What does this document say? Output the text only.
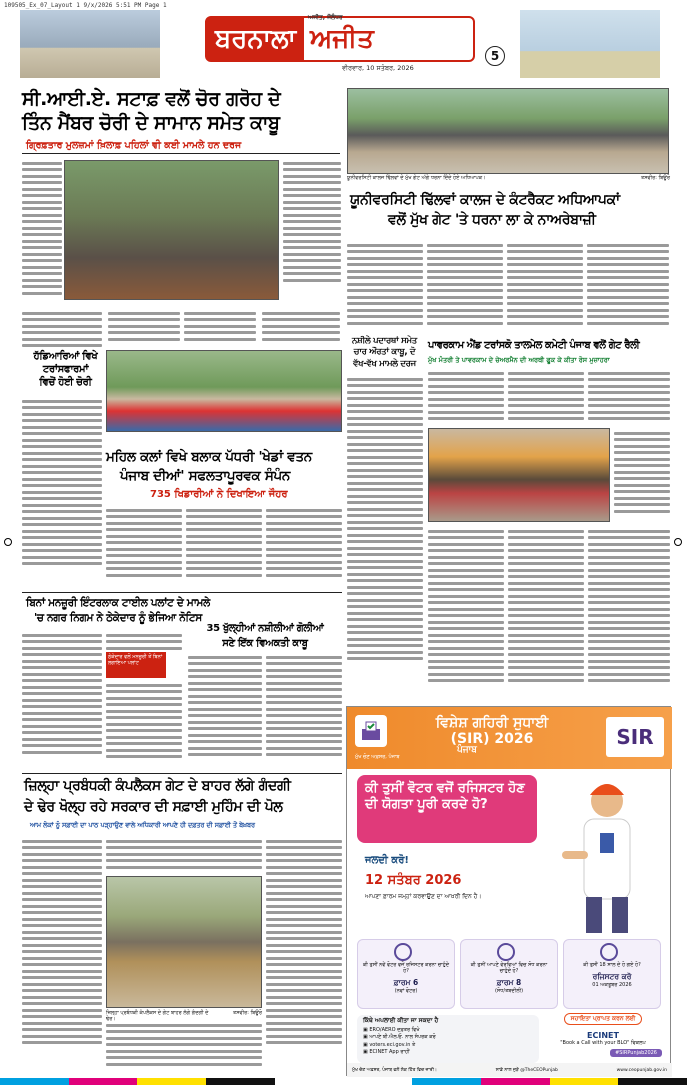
109505_Ex_07_Layout 1 9/x/2026 5:51 PM Page 1
ਬਰਨਾਲਾ
ਅਜੀਤ, ਜੌਲੰਧਰ
ਅਜੀਤ
ਵੀਰਵਾਰ, 10 ਸਤੰਬਰ, 2026
5
ਸੀ.ਆਈ.ਏ. ਸਟਾਫ਼ ਵਲੋਂ ਚੋਰ ਗਰੋਹ ਦੇ
ਤਿੰਨ ਮੈਂਬਰ ਚੋਰੀ ਦੇ ਸਾਮਾਨ ਸਮੇਤ ਕਾਬੂ
ਗ੍ਰਿਫ਼ਤਾਰ ਮੁਲਜ਼ਮਾਂ ਖ਼ਿਲਾਫ਼ ਪਹਿਲਾਂ ਵੀ ਕਈ ਮਾਮਲੇ ਹਨ ਦਰਜ
ਹੱਡਿਆਰਿਆਂ ਵਿਖੇ
ਟਰਾਂਸਫਾਰਮਾਂ
ਵਿਚੋਂ ਹੋਈ ਚੋਰੀ
ਮਹਿਲ ਕਲਾਂ ਵਿਖੇ ਬਲਾਕ ਪੱਧਰੀ 'ਖੇਡਾਂ ਵਤਨ
ਪੰਜਾਬ ਦੀਆਂ' ਸਫਲਤਾਪੂਰਵਕ ਸੰਪੰਨ
735 ਖਿਡਾਰੀਆਂ ਨੇ ਦਿਖਾਇਆ ਜੌਹਰ
ਯੂਨੀਵਰਸਿਟੀ ਕਾਲਜ ਢਿੱਲਵਾਂ ਦੇ ਮੁੱਖ ਗੇਟ ਅੱਗੇ ਧਰਨਾ ਦਿੰਦੇ ਹੋਏ ਅਧਿਆਪਕ।	ਤਸਵੀਰ: ਬਿਊਰੋ
ਯੂਨੀਵਰਸਿਟੀ ਢਿੱਲਵਾਂ ਕਾਲਜ ਦੇ ਕੰਟਰੈਕਟ ਅਧਿਆਪਕਾਂ
ਵਲੋਂ ਮੁੱਖ ਗੇਟ 'ਤੇ ਧਰਨਾ ਲਾ ਕੇ ਨਾਅਰੇਬਾਜ਼ੀ
ਨਸ਼ੀਲੇ ਪਦਾਰਥਾਂ ਸਮੇਤ
ਚਾਰ ਔਰਤਾਂ ਕਾਬੂ, ਦੋ
ਵੱਖ-ਵੱਖ ਮਾਮਲੇ ਦਰਜ
ਪਾਵਰਕਾਮ ਐਂਡ ਟਰਾਂਸਕੋ ਤਾਲਮੇਲ ਕਮੇਟੀ ਪੰਜਾਬ ਵਲੋਂ ਗੇਟ ਰੈਲੀ
ਮੁੱਖ ਮੰਤਰੀ ਤੇ ਪਾਵਰਕਾਮ ਦੇ ਚੇਅਰਮੈਨ ਦੀ ਅਰਥੀ ਫੂਕ ਕੇ ਕੀਤਾ ਰੋਸ ਮੁਜ਼ਾਹਰਾ
ਬਿਨਾਂ ਮਨਜ਼ੂਰੀ ਇੰਟਰਲਾਕ ਟਾਈਲ ਪਲਾਂਟ ਦੇ ਮਾਮਲੇ
'ਚ ਨਗਰ ਨਿਗਮ ਨੇ ਠੇਕੇਦਾਰ ਨੂੰ ਭੇਜਿਆ ਨੋਟਿਸ
ਠੇਕੇਦਾਰ ਵਲੋਂ ਮਨਜ਼ੂਰੀ ਤੋਂ ਬਿਨਾਂ ਲਗਾਇਆ ਪਲਾਂਟ
35 ਖੁੱਲ੍ਹੀਆਂ ਨਸ਼ੀਲੀਆਂ ਗੋਲੀਆਂ
ਸਣੇ ਇੱਕ ਵਿਅਕਤੀ ਕਾਬੂ
ਜ਼ਿਲ੍ਹਾ ਪ੍ਰਬੰਧਕੀ ਕੰਪਲੈਕਸ ਗੇਟ ਦੇ ਬਾਹਰ ਲੱਗੇ ਗੰਦਗੀ
ਦੇ ਢੇਰ ਖੋਲ੍ਹ ਰਹੇ ਸਰਕਾਰ ਦੀ ਸਫ਼ਾਈ ਮੁਹਿੰਮ ਦੀ ਪੋਲ
ਆਮ ਲੋਕਾਂ ਨੂੰ ਸਫ਼ਾਈ ਦਾ ਪਾਠ ਪੜ੍ਹਾਉਣ ਵਾਲੇ ਅਧਿਕਾਰੀ ਆਪਣੇ ਹੀ ਦਫ਼ਤਰ ਦੀ ਸਫ਼ਾਈ ਤੋਂ ਬੇਖ਼ਬਰ
ਜ਼ਿਲ੍ਹਾ ਪ੍ਰਬੰਧਕੀ ਕੰਪਲੈਕਸ ਦੇ ਗੇਟ ਬਾਹਰ ਲੱਗੇ ਗੰਦਗੀ ਦੇ ਢੇਰ।
ਤਸਵੀਰ: ਬਿਊਰੋ
ਵਿਸ਼ੇਸ਼ ਗਹਿਰੀ ਸੁਧਾਈ (SIR) 2026
ਪੰਜਾਬ
ਮੁੱਖ ਚੋਣ ਅਫ਼ਸਰ, ਪੰਜਾਬ
SIR
ਕੀ ਤੁਸੀਂ ਵੋਟਰ ਵਜੋਂ ਰਜਿਸਟਰ ਹੋਣ ਦੀ ਯੋਗਤਾ ਪੂਰੀ ਕਰਦੇ ਹੋ?
ਜਲਦੀ ਕਰੋ!
12 ਸਤੰਬਰ 2026
ਆਪਣਾ ਫ਼ਾਰਮ ਜਮ੍ਹਾਂ ਕਰਵਾਉਣ ਦਾ ਆਖ਼ਰੀ ਦਿਨ ਹੈ।
ਕੀ ਤੁਸੀਂ ਨਵੇਂ ਵੋਟਰ ਵਜੋਂ ਰਜਿਸਟਰ ਕਰਨਾ ਚਾਹੁੰਦੇ ਹੋ?
ਫ਼ਾਰਮ 6
(ਨਵਾਂ ਵੋਟਰ)
ਕੀ ਤੁਸੀਂ ਆਪਣੇ ਵੇਰਵਿਆਂ ਵਿਚ ਸੋਧ ਕਰਨਾ ਚਾਹੁੰਦੇ ਹੋ?
ਫ਼ਾਰਮ 8
(ਸੋਧ/ਤਬਦੀਲੀ)
ਕੀ ਤੁਸੀਂ 18 ਸਾਲ ਦੇ ਹੋ ਗਏ ਹੋ?
ਰਜਿਸਟਰ ਕਰੋ
01 ਅਕਤੂਬਰ 2026
ਕਿੱਥੇ ਅਪਲਾਈ ਕੀਤਾ ਜਾ ਸਕਦਾ ਹੈ
▣ ERO/AERO ਦਫ਼ਤਰ ਵਿਖੇ
▣ ਆਪਣੇ ਬੀ.ਐਲ.ਓ. ਨਾਲ ਸੰਪਰਕ ਕਰੋ
▣ voters.eci.gov.in ਤੇ
▣ ECINET App ਰਾਹੀਂ
ਸਹਾਇਤਾ ਪ੍ਰਾਪਤ ਕਰਨ ਲਈ
ECINET
"Book a Call with your BLO" ਵਿਕਲਪ
#SIRPunjab2026
ਮੁੱਖ ਚੋਣ ਅਫ਼ਸਰ, ਪੰਜਾਬ ਵਲੋਂ ਲੋਕ ਹਿੱਤ ਵਿਚ ਜਾਰੀ।	ਸਾਡੇ ਨਾਲ ਜੁੜੋ @TheCEOPunjab	www.ceopunjab.gov.in
